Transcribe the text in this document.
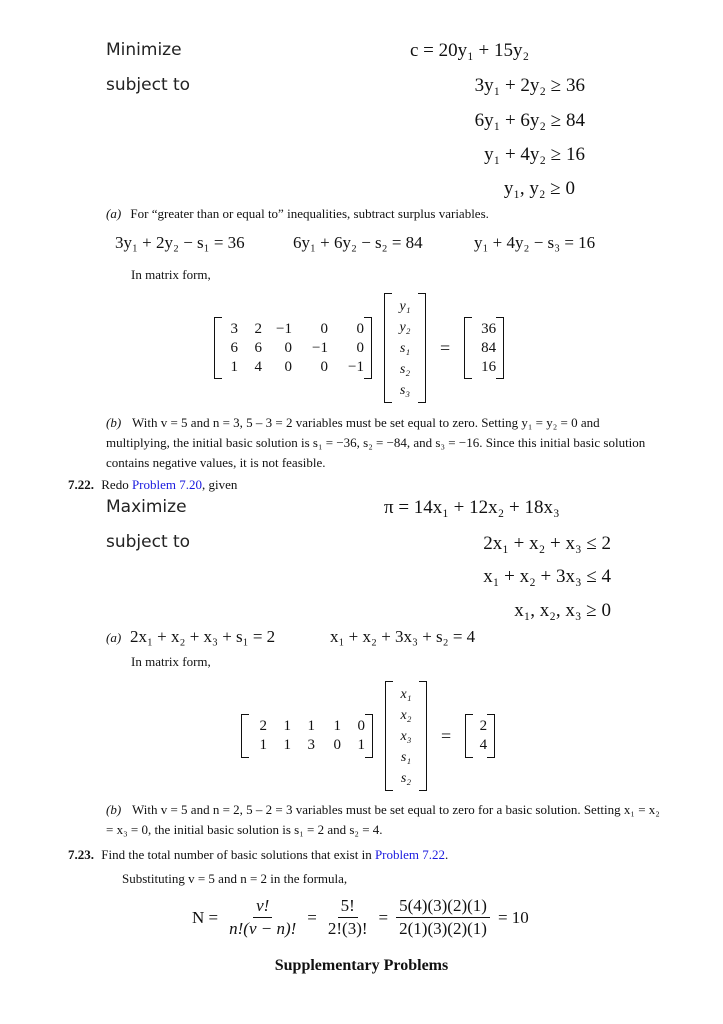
Minimize
subject to
c = 20y₁ + 15y₂
3y₁ + 2y₂ ≥ 36
6y₁ + 6y₂ ≥ 84
y₁ + 4y₂ ≥ 16
y₁, y₂ ≥ 0
(a) For “greater than or equal to” inequalities, subtract surplus variables.
3y₁ + 2y₂ − s₁ = 36	6y₁ + 6y₂ − s₂ = 84	y₁ + 4y₂ − s₃ = 16
In matrix form,
3	2 −1	0	0
6	6	0	−1	0
1	4	0	0	−1
y₁
y₂
s₁
s₂
s₃
=
36
84
16
(b) With v = 5 and n = 3, 5 – 3 = 2 variables must be set equal to zero. Setting y₁ = y₂ = 0 and multiplying, the initial basic solution is s₁ = −36, s₂ = −84, and s₃ = −16. Since this initial basic solution contains negative values, it is not feasible.
7.22. Redo Problem 7.20, given
Maximize
subject to
π = 14x₁ + 12x₂ + 18x₃
2x₁ + x₂ + x₃ ≤ 2
x₁ + x₂ + 3x₃ ≤ 4
x₁, x₂, x₃ ≥ 0
(a) 2x₁ + x₂ + x₃ + s₁ = 2	x₁ + x₂ + 3x₃ + s₂ = 4
In matrix form,
2	1	1	1	0
1	1	3	0	1
x₁
x₂
x₃
s₁
s₂
=	2
4
(b) With v = 5 and n = 2, 5 – 2 = 3 variables must be set equal to zero for a basic solution. Setting x₁ = x₂ = x₃ = 0, the initial basic solution is s₁ = 2 and s₂ = 4.
7.23. Find the total number of basic solutions that exist in Problem 7.22.
Substituting v = 5 and n = 2 in the formula,
$N = \frac{v!}{n!(v - n)!} = \frac{5!}{2!(3)!} = \frac{5(4)(3)(2)(1)}{2(1)(3)(2)(1)} = 10$
Supplementary Problems
